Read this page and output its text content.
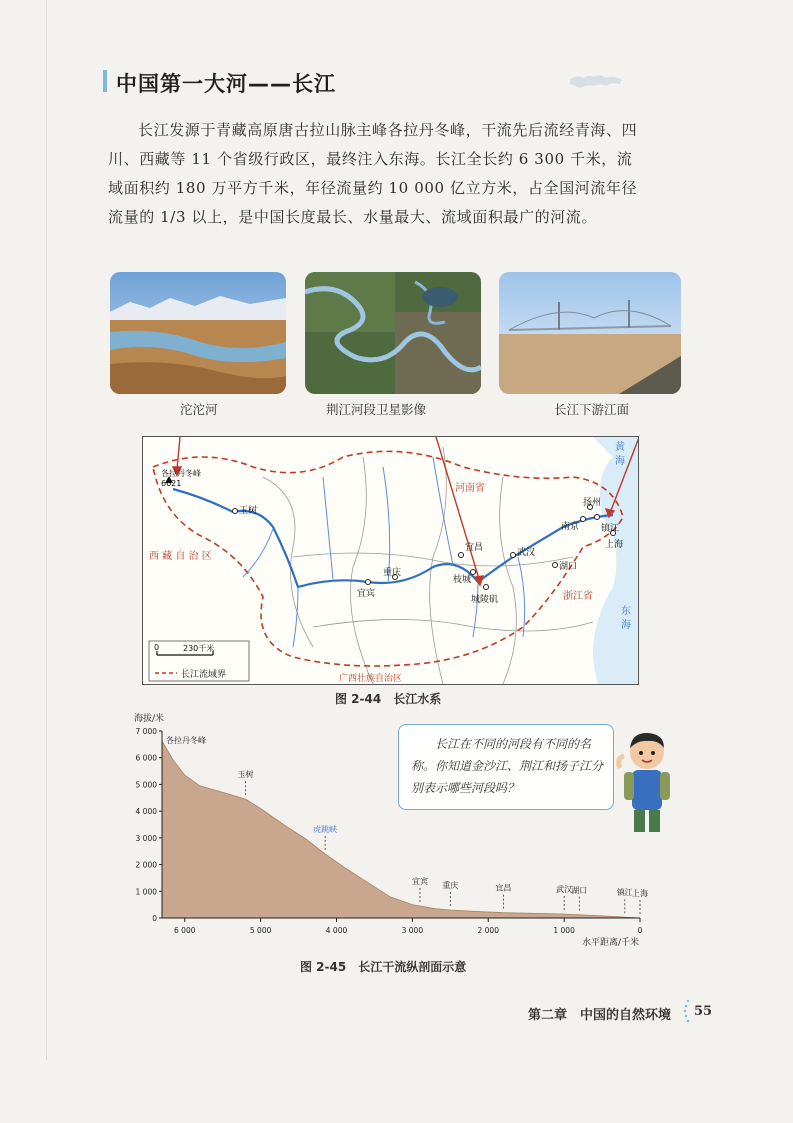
中国第一大河——长江
长江发源于青藏高原唐古拉山脉主峰各拉丹冬峰，干流先后流经青海、四川、西藏等 11 个省级行政区，最终注入东海。长江全长约 6 300 千米，流域面积约 180 万平方千米，年径流量约 10 000 亿立方米，占全国河流年径流量的 1/3 以上，是中国长度最长、水量最大、流域面积最广的河流。
沱沱河	荆江河段卫星影像	长江下游江面
各拉丹冬峰
6621
玉树
宜宾
重庆
宜昌	武汉
枝城
城陵矶
湖口
南京 镇江
上海
扬州
西 藏 自 治 区
河南省
浙江省
广西壮族自治区
东 海
黄 海
0	230千米
长江流域界
图 2-44　长江水系
海拔/米
7 000
6 000
5 000
4 000
3 000
2 000
1 000
0
6 000	5 000	4 000	3 000	2 000	1 000	0
各拉丹冬峰
玉树
虎跳峡
宜宾 重庆	宜昌	武汉 湖口	镇江 上海
水平距离/千米
图 2-45　长江干流纵剖面示意
长江在不同的河段有不同的名称。你知道金沙江、荆江和扬子江分别表示哪些河段吗？
第二章　中国的自然环境 55
